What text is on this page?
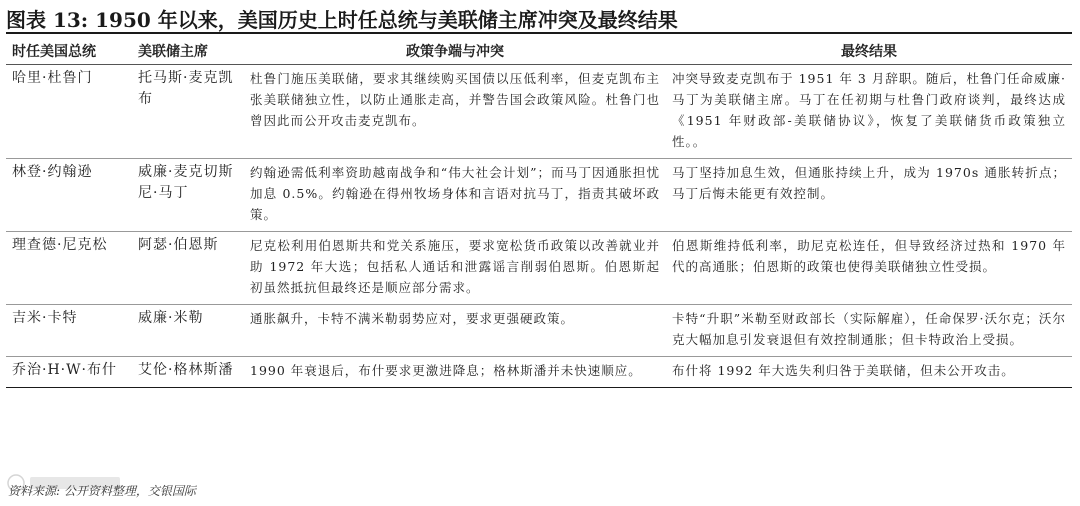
图表 13: 1950 年以来，美国历史上时任总统与美联储主席冲突及最终结果
时任美国总统	美联储主席	政策争端与冲突	最终结果
哈里·杜鲁门	托马斯·麦克凯布	杜鲁门施压美联储，要求其继续购买国债以压低利率，但麦克凯布主张美联储独立性，以防止通胀走高，并警告国会政策风险。杜鲁门也曾因此而公开攻击麦克凯布。	冲突导致麦克凯布于 1951 年 3 月辞职。随后，杜鲁门任命威廉·马丁为美联储主席。马丁在任初期与杜鲁门政府谈判，最终达成《1951 年财政部-美联储协议》，恢复了美联储货币政策独立性。。
林登·约翰逊	威廉·麦克切斯尼·马丁	约翰逊需低利率资助越南战争和“伟大社会计划”；而马丁因通胀担忧加息 0.5%。约翰逊在得州牧场身体和言语对抗马丁，指责其破坏政策。	马丁坚持加息生效，但通胀持续上升，成为 1970s 通胀转折点；马丁后悔未能更有效控制。
理查德·尼克松	阿瑟·伯恩斯	尼克松利用伯恩斯共和党关系施压，要求宽松货币政策以改善就业并助 1972 年大选；包括私人通话和泄露谣言削弱伯恩斯。伯恩斯起初虽然抵抗但最终还是顺应部分需求。	伯恩斯维持低利率，助尼克松连任，但导致经济过热和 1970 年代的高通胀；伯恩斯的政策也使得美联储独立性受损。
吉米·卡特	威廉·米勒	通胀飙升，卡特不满米勒弱势应对，要求更强硬政策。	卡特“升职”米勒至财政部长（实际解雇），任命保罗·沃尔克；沃尔克大幅加息引发衰退但有效控制通胀；但卡特政治上受损。
乔治·H·W·布什	艾伦·格林斯潘	1990 年衰退后，布什要求更激进降息；格林斯潘并未快速顺应。	布什将 1992 年大选失利归咎于美联储，但未公开攻击。
资料来源: 公开资料整理，交银国际
